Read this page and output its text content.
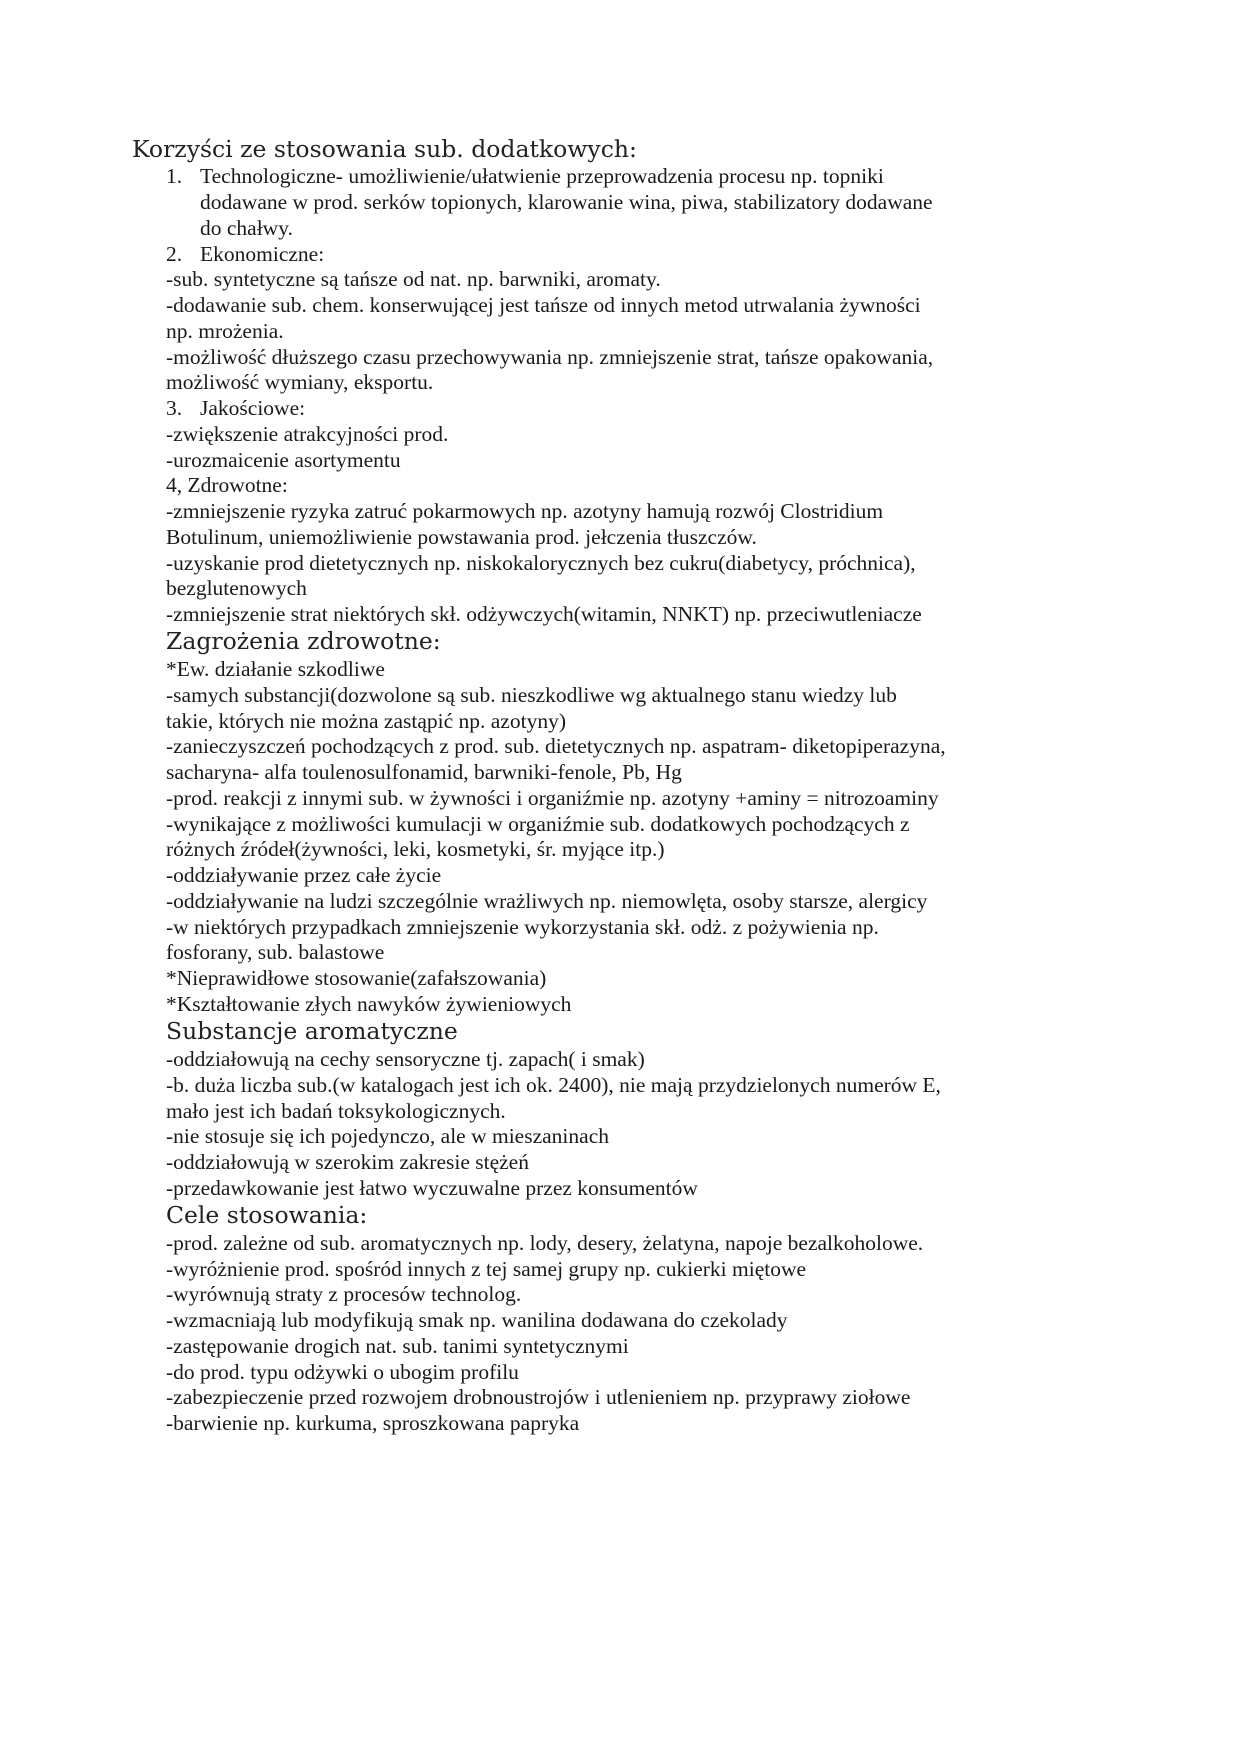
Korzyści ze stosowania sub. dodatkowych:
1. Technologiczne- umożliwienie/ułatwienie przeprowadzenia procesu np. topniki
dodawane w prod. serków topionych, klarowanie wina, piwa, stabilizatory dodawane
do chałwy.
2. Ekonomiczne:
-sub. syntetyczne są tańsze od nat. np. barwniki, aromaty.
-dodawanie sub. chem. konserwującej jest tańsze od innych metod utrwalania żywności
np. mrożenia.
-możliwość dłuższego czasu przechowywania np. zmniejszenie strat, tańsze opakowania,
możliwość wymiany, eksportu.
3. Jakościowe:
-zwiększenie atrakcyjności prod.
-urozmaicenie asortymentu
4, Zdrowotne:
-zmniejszenie ryzyka zatruć pokarmowych np. azotyny hamują rozwój Clostridium
Botulinum, uniemożliwienie powstawania prod. jełczenia tłuszczów.
-uzyskanie prod dietetycznych np. niskokalorycznych bez cukru(diabetycy, próchnica),
bezglutenowych
-zmniejszenie strat niektórych skł. odżywczych(witamin, NNKT) np. przeciwutleniacze
Zagrożenia zdrowotne:
*Ew. działanie szkodliwe
-samych substancji(dozwolone są sub. nieszkodliwe wg aktualnego stanu wiedzy lub
takie, których nie można zastąpić np. azotyny)
-zanieczyszczeń pochodzących z prod. sub. dietetycznych np. aspatram- diketopiperazyna,
sacharyna- alfa toulenosulfonamid, barwniki-fenole, Pb, Hg
-prod. reakcji z innymi sub. w żywności i organiźmie np. azotyny +aminy = nitrozoaminy
-wynikające z możliwości kumulacji w organiźmie sub. dodatkowych pochodzących z
różnych źródeł(żywności, leki, kosmetyki, śr. myjące itp.)
-oddziaływanie przez całe życie
-oddziaływanie na ludzi szczególnie wrażliwych np. niemowlęta, osoby starsze, alergicy
-w niektórych przypadkach zmniejszenie wykorzystania skł. odż. z pożywienia np.
fosforany, sub. balastowe
*Nieprawidłowe stosowanie(zafałszowania)
*Kształtowanie złych nawyków żywieniowych
Substancje aromatyczne
-oddziałowują na cechy sensoryczne tj. zapach( i smak)
-b. duża liczba sub.(w katalogach jest ich ok. 2400), nie mają przydzielonych numerów E,
mało jest ich badań toksykologicznych.
-nie stosuje się ich pojedynczo, ale w mieszaninach
-oddziałowują w szerokim zakresie stężeń
-przedawkowanie jest łatwo wyczuwalne przez konsumentów
Cele stosowania:
-prod. zależne od sub. aromatycznych np. lody, desery, żelatyna, napoje bezalkoholowe.
-wyróżnienie prod. spośród innych z tej samej grupy np. cukierki miętowe
-wyrównują straty z procesów technolog.
-wzmacniają lub modyfikują smak np. wanilina dodawana do czekolady
-zastępowanie drogich nat. sub. tanimi syntetycznymi
-do prod. typu odżywki o ubogim profilu
-zabezpieczenie przed rozwojem drobnoustrojów i utlenieniem np. przyprawy ziołowe
-barwienie np. kurkuma, sproszkowana papryka
